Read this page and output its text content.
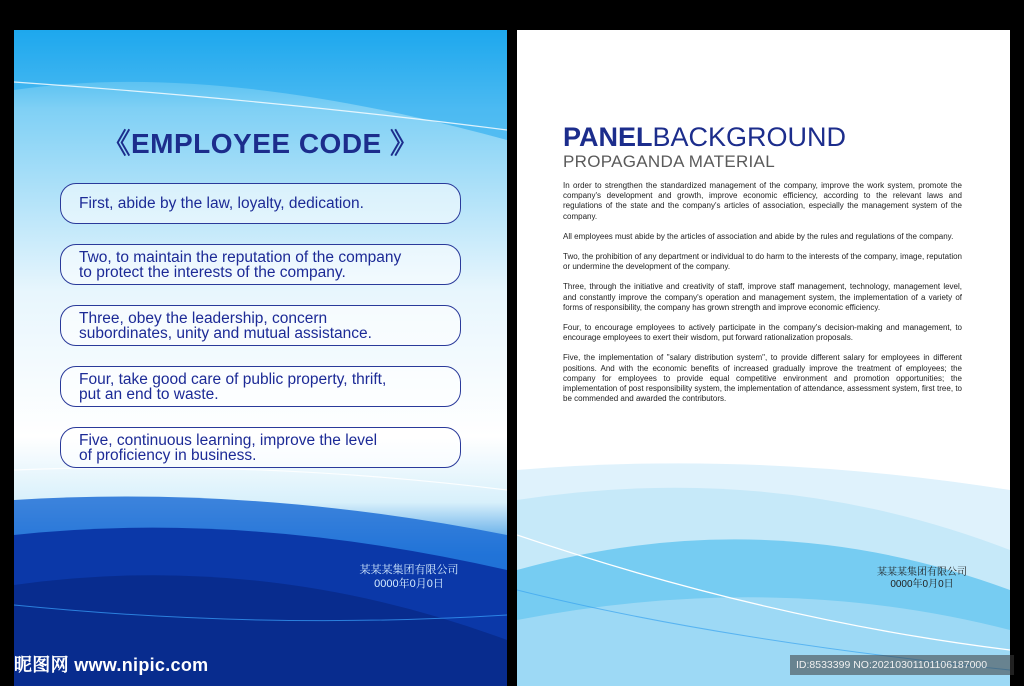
《EMPLOYEE CODE 》
First, abide by the law, loyalty, dedication.
Two, to maintain the reputation of the company
to protect the interests of the company.
Three, obey the leadership, concern
subordinates, unity and mutual assistance.
Four, take good care of public property, thrift,
put an end to waste.
Five, continuous learning, improve the level
of proficiency in business.
某某某集团有限公司
0000年0月0日
PANELBACKGROUND
PROPAGANDA MATERIAL

In order to strengthen the standardized management of the company, improve the work system, promote the company's development and growth, improve economic efficiency, according to the relevant laws and regulations of the state and the company's articles of association, especially the management system of the company.

All employees must abide by the articles of association and abide by the rules and regulations of the company.

Two, the prohibition of any department or individual to do harm to the interests of the company, image, reputation or undermine the development of the company.

Three, through the initiative and creativity of staff, improve staff management, technology, management level, and constantly improve the company's operation and management system, the implementation of a variety of forms of responsibility, the company has grown strength and improve economic efficiency.

Four, to encourage employees to actively participate in the company's decision-making and management, to encourage employees to exert their wisdom, put forward rationalization proposals.

Five, the implementation of "salary distribution system", to provide different salary for employees in different positions. And with the economic benefits of increased gradually improve the treatment of employees; the company for employees to provide equal competitive environment and promotion opportunities; the implementation of post responsibility system, the implementation of attendance, assessment system, first tree, to be commended and awarded the contributors.

某某某集团有限公司
0000年0月0日
昵图网 www.nipic.com	ID:8533399 NO:20210301101106187000
